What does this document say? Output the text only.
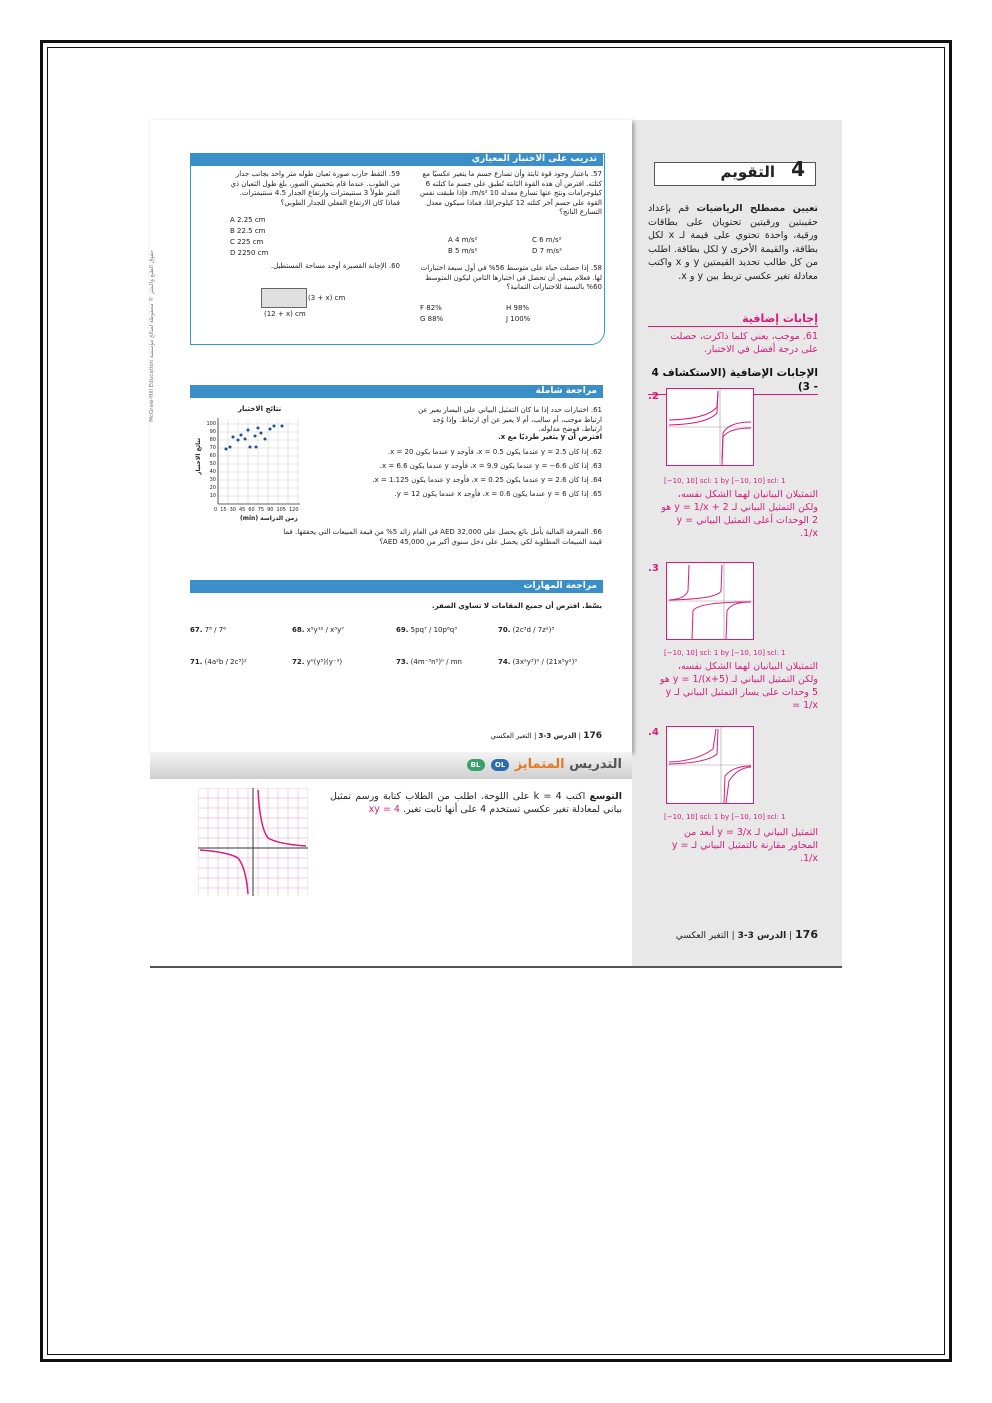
4
التقويم
تعيين مصطلح الرياضيات قم بإعداد حقيبتين ورقيتين تحتويان على بطاقات ورقية، واحدة تحتوي على قيمة لـ x لكل بطاقة، والقيمة الأخرى y لكل بطاقة. اطلب من كل طالب تحديد القيمتين y و x واكتب معادلة تغير عكسي تربط بين y و x.
إجابات إضافية
61. موجب، يعني كلما ذاكرت، حصلت على درجة أفضل في الاختبار.
الإجابات الإضافية (الاستكشاف 4 - 3)
2.
[−10, 10] scl: 1 by [−10, 10] scl: 1
التمثيلان البيانيان لهما الشكل نفسه، ولكن التمثيل البياني لـ y = 1/x + 2 هو 2 الوحدات أعلى التمثيل البياني y = 1/x.
3.
[−10, 10] scl: 1 by [−10, 10] scl: 1
التمثيلان البيانيان لهما الشكل نفسه، ولكن التمثيل البياني لـ y = 1/(x+5) هو 5 وحدات على يسار التمثيل البياني لـ y = 1/x
4.
[−10, 10] scl: 1 by [−10, 10] scl: 1
التمثيل البياني لـ y = 3/x أبعد من المحاور مقارنة بالتمثيل البياني لـ y = 1/x.
176 | الدرس 3-3 | التغير العكسي
حقوق الطبع والنشر © محفوظة لصالح مؤسسة McGraw-Hill Education
تدريب على الاختبار المعياري
57. باعتبار وجود قوة ثابتة وأن تسارع جسم ما يتغير عكسيًا مع كتلته. افترض أن هذه القوة الثابتة تُطبق على جسم ما كتلته 6 كيلوجرامات ونتج عنها تسارع معدله 10 m/s². فإذا طبقت نفس القوة على جسم آخر كتلته 12 كيلوجرامًا، فماذا سيكون معدل التسارع الناتج؟
A 4 m/s²
B 5 m/s²
C 6 m/s²
D 7 m/s²
58. إذا حصلت حياة على متوسط 56% في أول سبعة اختبارات لها. فعلام ينبغي أن تحصل في اختبارها الثامن ليكون المتوسط 60% بالنسبة للاختبارات الثمانية؟
F 82%
G 88%
H 98%
J 100%
59. التقط حارب صورة ثعبان طوله متر واحد بجانب جدار من الطوب. عندما قام بتحميض الصور، بلغ طول الثعبان ذي المتر طولاً 3 سنتيمترات وارتفاع الجدار 4.5 سنتيمترات. فماذا كان الارتفاع الفعلي للجدار الطوبي؟
A 2.25 cm
B 22.5 cm
C 225 cm
D 2250 cm
60. الإجابة القصيرة أوجد مساحة المستطيل.
(3 + x) cm
(12 + x) cm
مراجعة شاملة
61. اختبارات حدد إذا ما كان التمثيل البياني على اليسار يعبر عن ارتباط موجب، أم سالب، أم لا يعبر عن أي ارتباط. وإذا وُجد ارتباط، فوضح مدلوله.
افترض أن y يتغير طرديًا مع x.
62. إذا كان y = 2.5 عندما يكون x = 0.5، فأوجد y عندما يكون x = 20.
63. إذا كان y = −6.6 عندما يكون x = 9.9، فأوجد y عندما يكون x = 6.6.
64. إذا كان y = 2.6 عندما يكون x = 0.25، فأوجد y عندما يكون x = 1.125.
65. إذا كان y = 6 عندما يكون x = 0.6، فأوجد x عندما يكون y = 12.
66. المعرفة المالية يأمل بائع يحصل على 32,000 AED في العام زائد 5% من قيمة المبيعات التي يحققها. فما قيمة المبيعات المطلوبة لكي يحصل على دخل سنوي أكبر من 45,000 AED؟
نتائج الاختبار
100
90
80
70
60
50
40
30
20
10
0 15 30 45 60 75 90 105 120
زمن الدراسة (min)
نتائج الاختبار
مراجعة المهارات
بسّط. افترض أن جميع المقامات لا تساوي الصفر.
67. 7⁸ / 7⁶	68. x⁵y¹² / x³y⁷	69. 5pq⁷ / 10p⁶q³	70. (2c³d / 7z²)³
71. (4a²b / 2c³)²	72. y⁰(y⁵)(y⁻⁹)	73. (4m⁻³n⁵)⁰ / mn	74. (3x²y³)⁰ / (21x⁵y²)⁰
176 | الدرس 3-3 | التغير العكسي
التدريس المتمايز OL BL
التوسع اكتب k = 4 على اللوحة. اطلب من الطلاب كتابة ورسم تمثيل بياني لمعادلة تغير عكسي تستخدم 4 على أنها ثابت تغير. xy = 4
